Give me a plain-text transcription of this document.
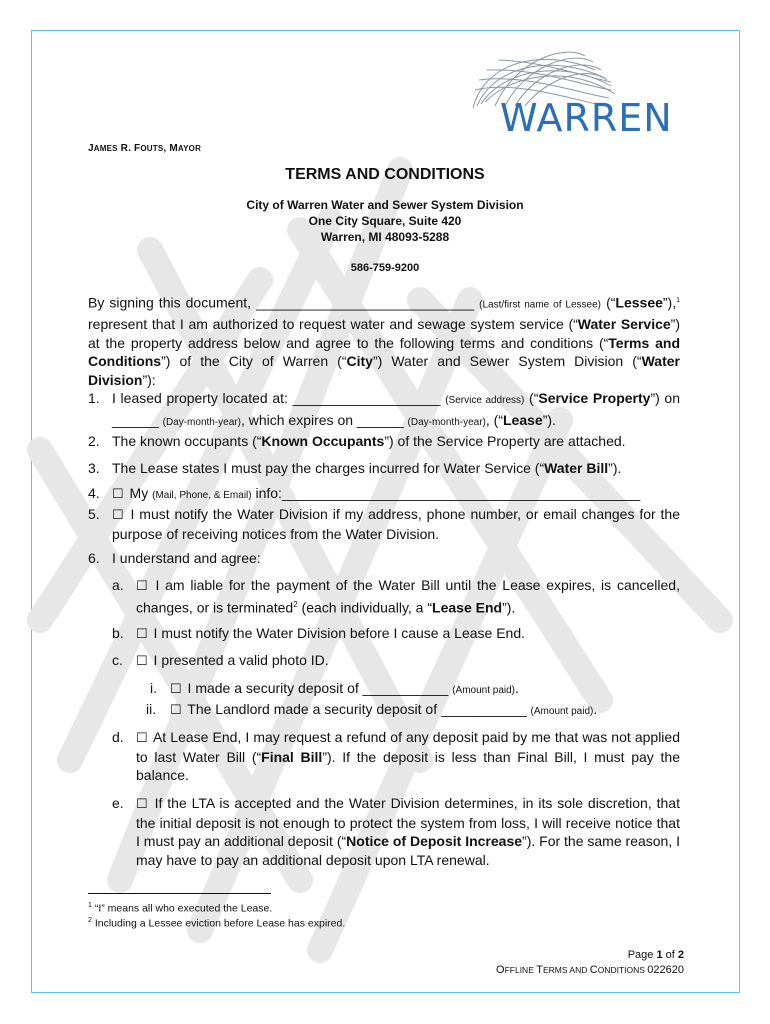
WARREN
JAMES R. FOUTS, MAYOR
TERMS AND CONDITIONS
City of Warren Water and Sewer System Division
One City Square, Suite 420
Warren, MI 48093-5288
586-759-9200
By signing this document, ____________________________ (Last/first name of Lessee) (“Lessee”),$^1$ represent that I am authorized to request water and sewage system service (“Water Service”) at the property address below and agree to the following terms and conditions (“Terms and Conditions”) of the City of Warren (“City”) Water and Sewer System Division (“Water Division”):
1. I leased property located at: ___________________ (Service address) (“Service Property”) on ______ (Day-month-year), which expires on ______ (Day-month-year), (“Lease”).
2. The known occupants (“Known Occupants”) of the Service Property are attached.
3. The Lease states I must pay the charges incurred for Water Service (“Water Bill”).
4. ☐ My (Mail, Phone, & Email) info:______________________________________________
5. ☐ I must notify the Water Division if my address, phone number, or email changes for the purpose of receiving notices from the Water Division.
6. I understand and agree:
a. ☐ I am liable for the payment of the Water Bill until the Lease expires, is cancelled, changes, or is terminated$^2$ (each individually, a “Lease End”).
b. ☐ I must notify the Water Division before I cause a Lease End.
c. ☐ I presented a valid photo ID.
i. ☐ I made a security deposit of ___________ (Amount paid).
ii. ☐ The Landlord made a security deposit of ___________ (Amount paid).
d. ☐ At Lease End, I may request a refund of any deposit paid by me that was not applied to last Water Bill (“Final Bill”). If the deposit is less than Final Bill, I must pay the balance.
e. ☐ If the LTA is accepted and the Water Division determines, in its sole discretion, that the initial deposit is not enough to protect the system from loss, I will receive notice that I must pay an additional deposit (“Notice of Deposit Increase”). For the same reason, I may have to pay an additional deposit upon LTA renewal.
$^1$ “I” means all who executed the Lease.
$^2$ Including a Lessee eviction before Lease has expired.
Page 1 of 2
OFFLINE TERMS AND CONDITIONS 022620
